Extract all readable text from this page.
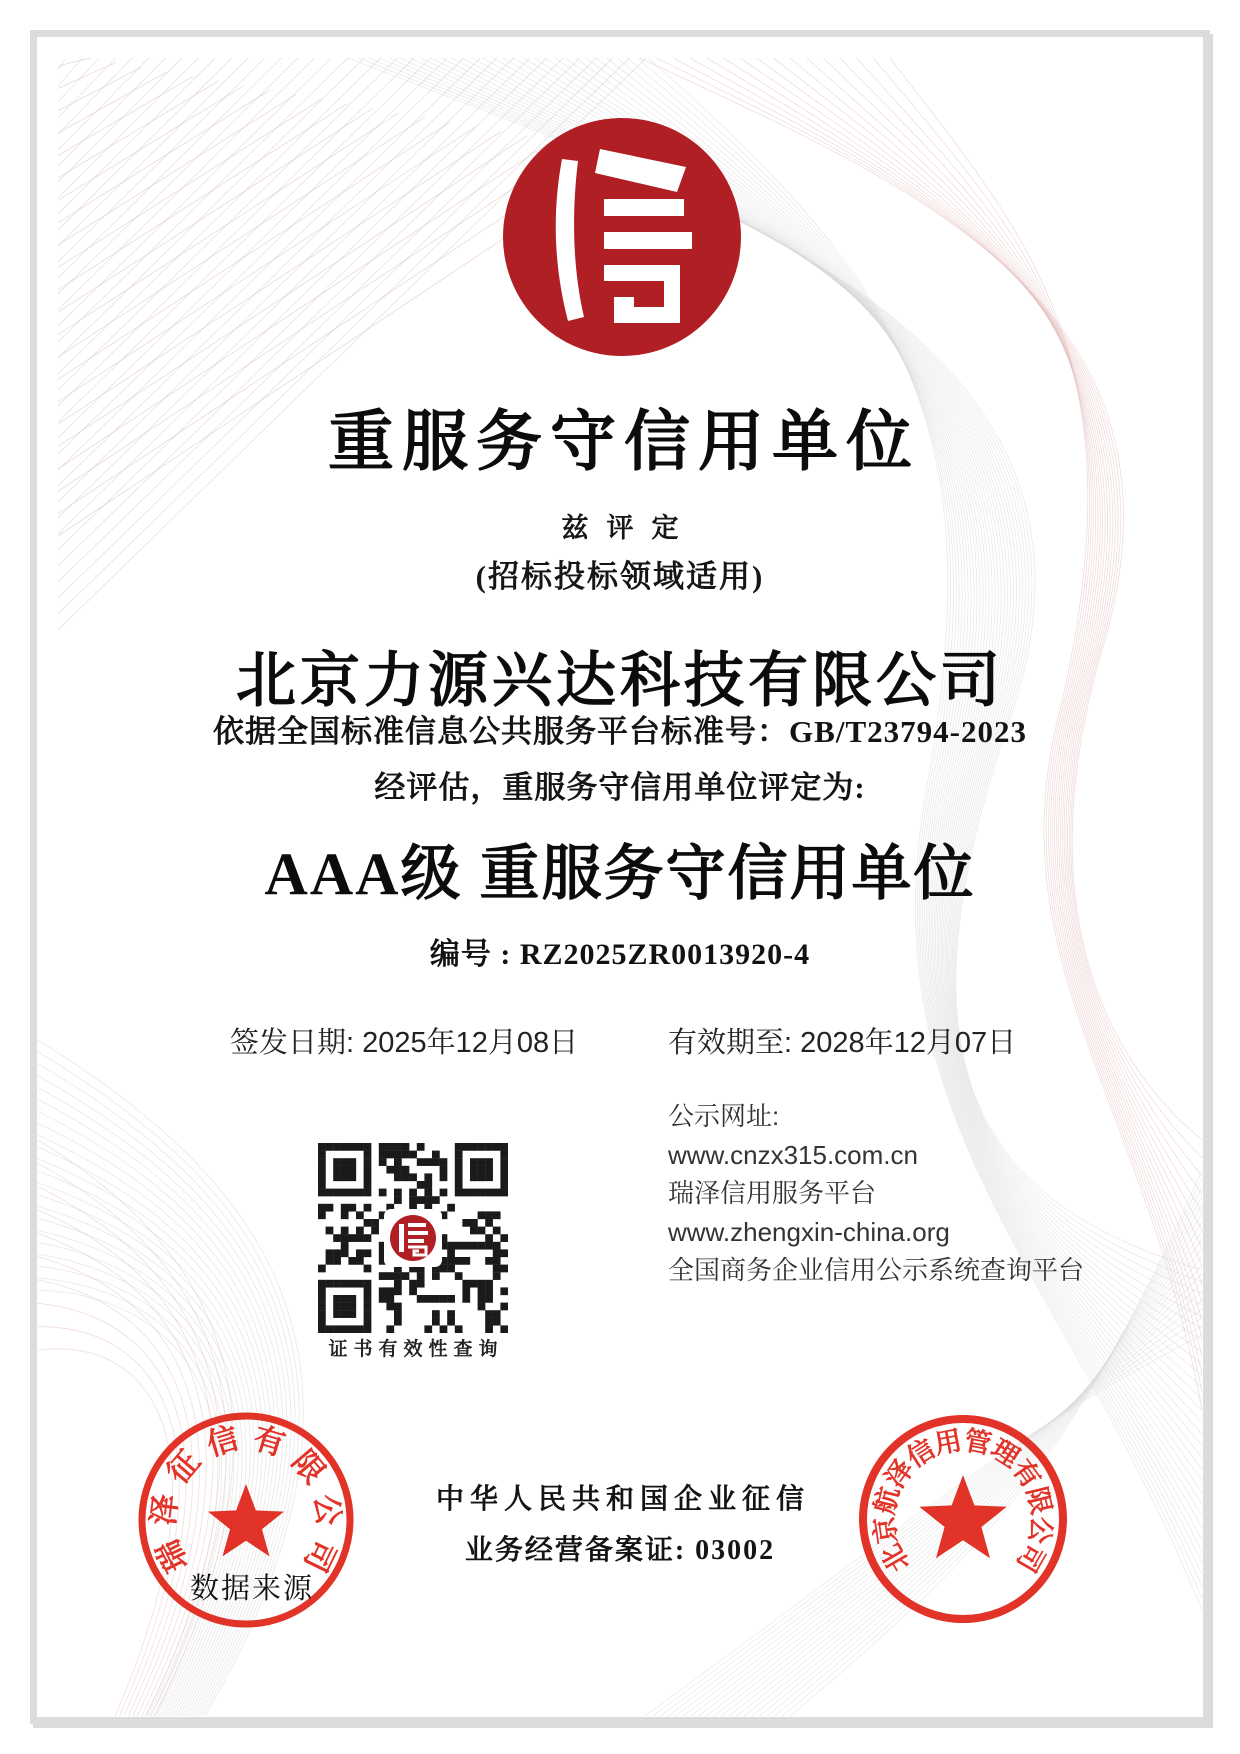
重服务守信用单位
兹评定
(招标投标领域适用)
北京力源兴达科技有限公司
依据全国标准信息公共服务平台标准号：GB/T23794-2023
经评估，重服务守信用单位评定为:
AAA级 重服务守信用单位
编号 : RZ2025ZR0013920-4
签发日期: 2025年12月08日	有效期至: 2028年12月07日
公示网址:
www.cnzx315.com.cn
瑞泽信用服务平台
www.zhengxin-china.org
全国商务企业信用公示系统查询平台
证书有效性查询
中华人民共和国企业征信
业务经营备案证: 03002
瑞
泽
征
信 有
限
公
司	北
京
航
泽
信
用
管
理
有
限
公
司
数据来源
